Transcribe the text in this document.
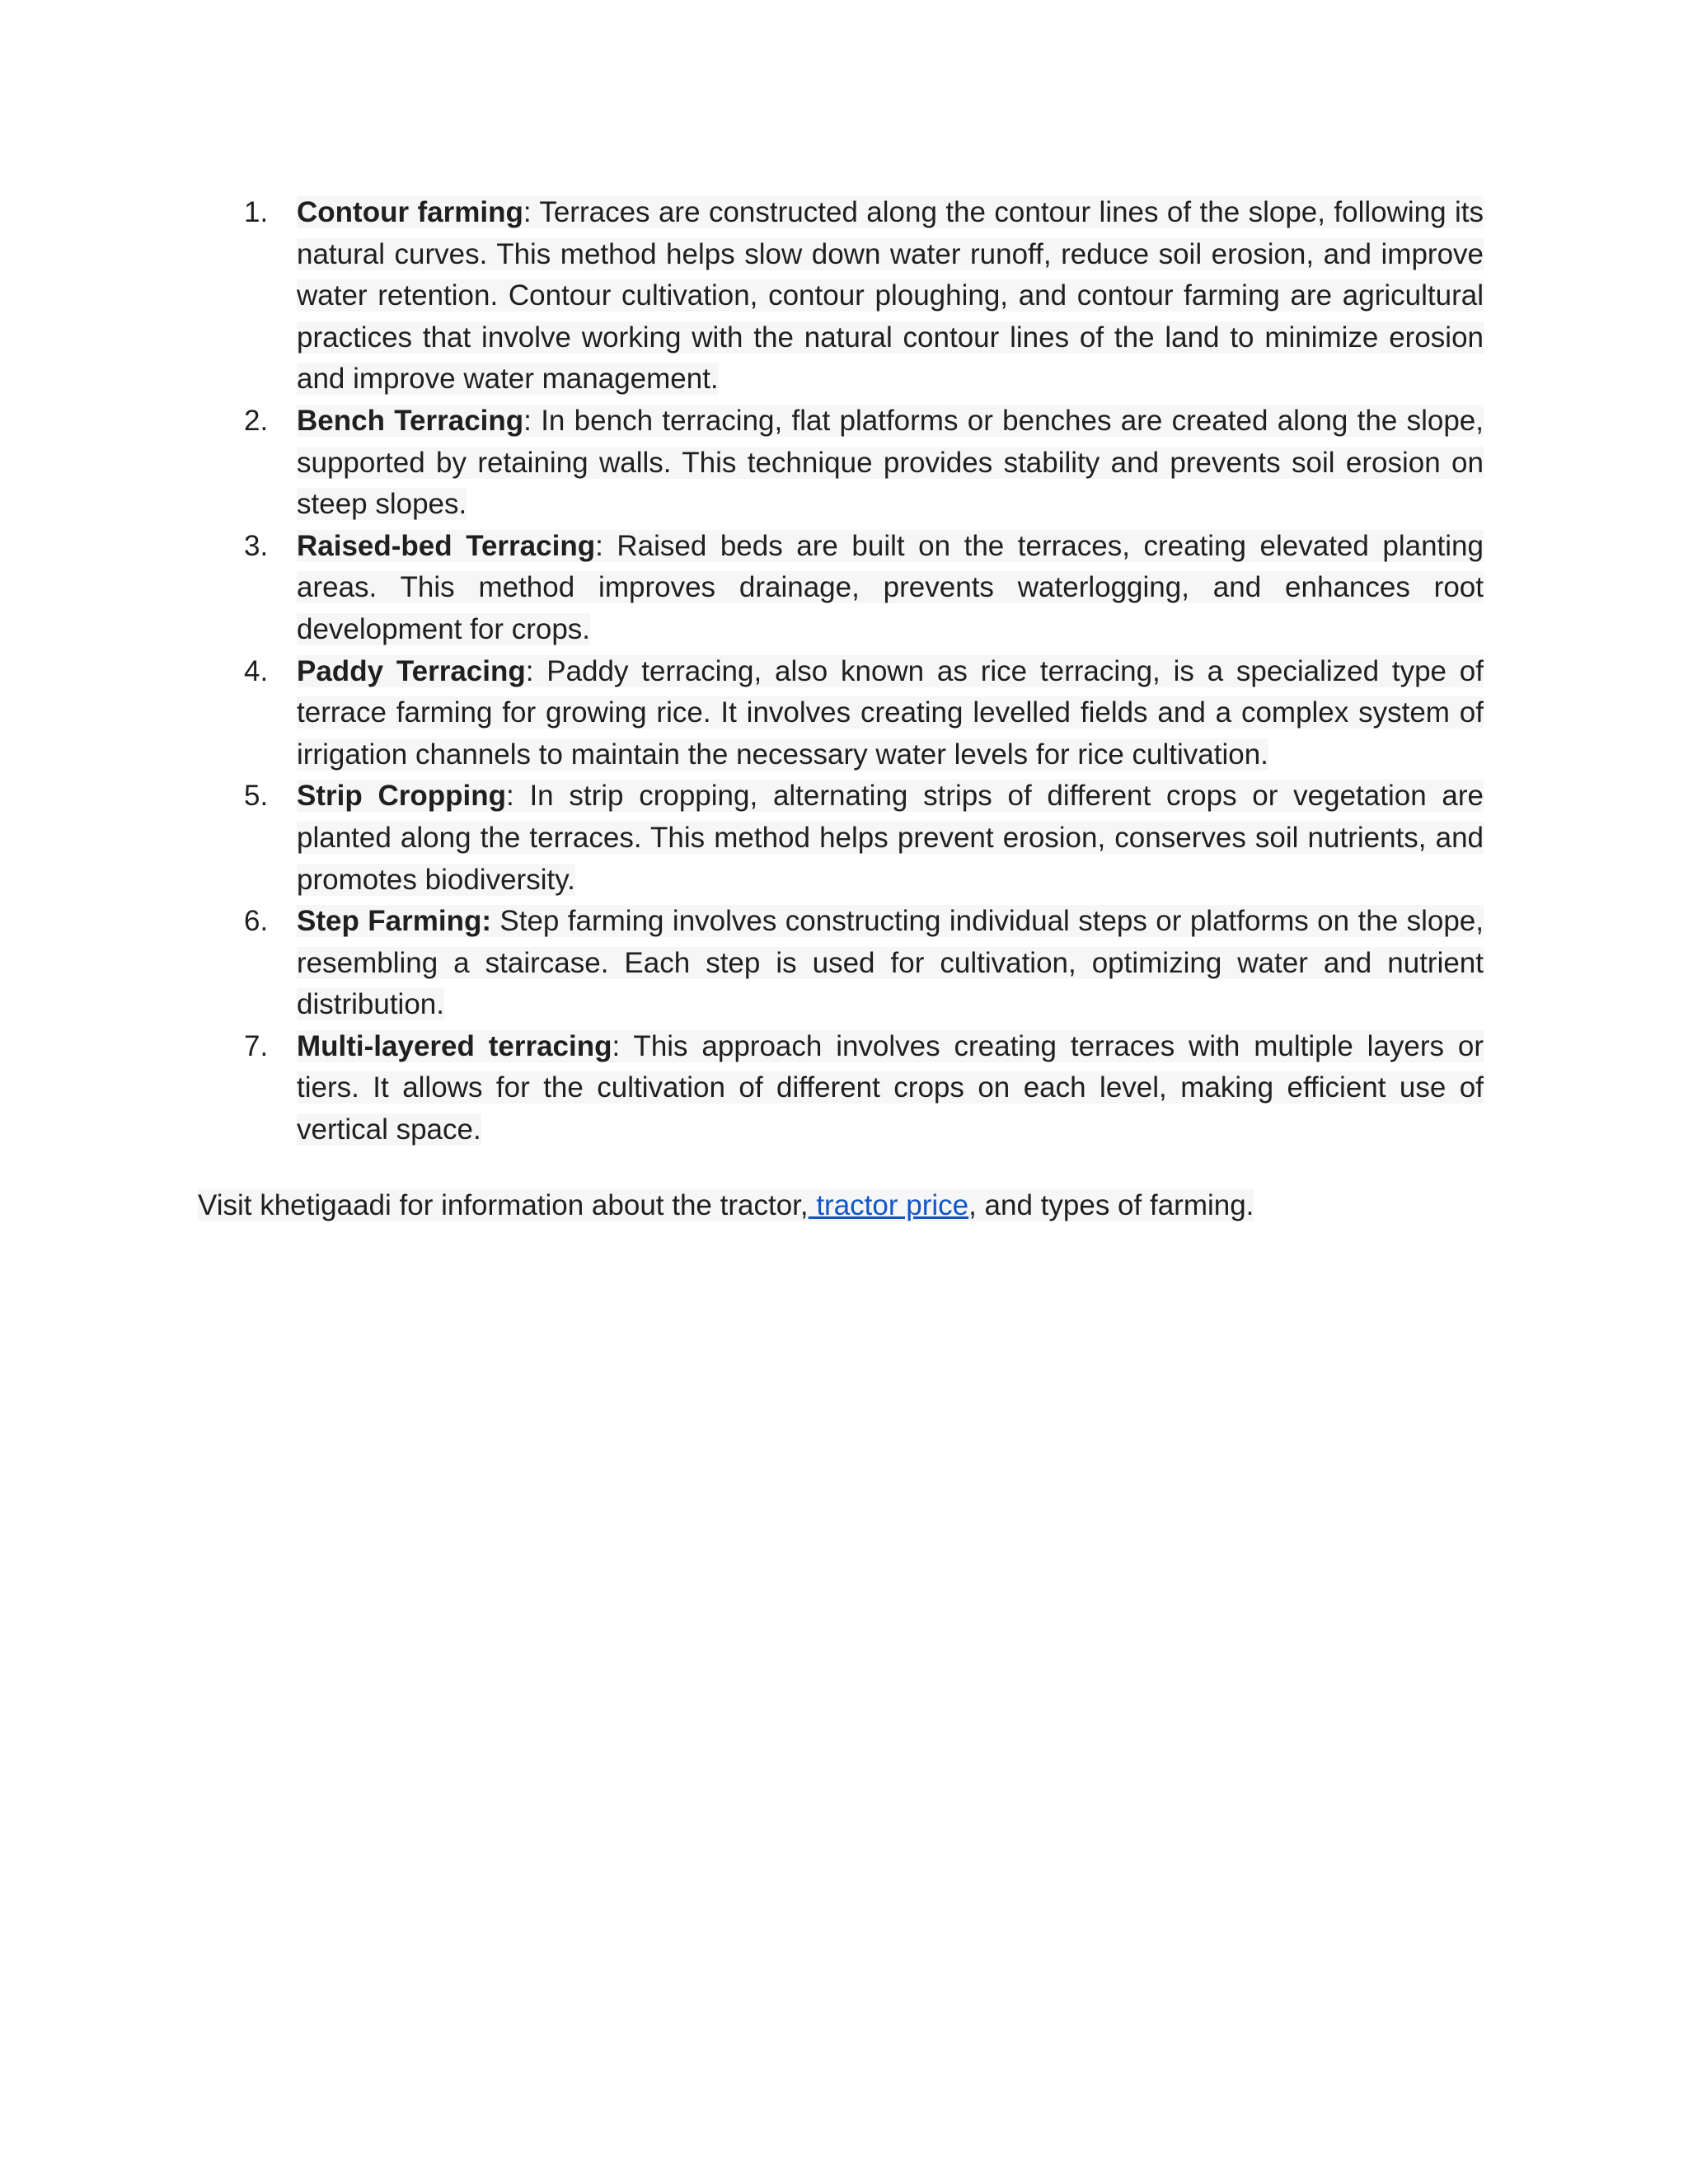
1. Contour farming: Terraces are constructed along the contour lines of the slope, following its natural curves. This method helps slow down water runoff, reduce soil erosion, and improve water retention. Contour cultivation, contour ploughing, and contour farming are agricultural practices that involve working with the natural contour lines of the land to minimize erosion and improve water management.
2. Bench Terracing: In bench terracing, flat platforms or benches are created along the slope, supported by retaining walls. This technique provides stability and prevents soil erosion on steep slopes.
3. Raised-bed Terracing: Raised beds are built on the terraces, creating elevated planting areas. This method improves drainage, prevents waterlogging, and enhances root development for crops.
4. Paddy Terracing: Paddy terracing, also known as rice terracing, is a specialized type of terrace farming for growing rice. It involves creating levelled fields and a complex system of irrigation channels to maintain the necessary water levels for rice cultivation.
5. Strip Cropping: In strip cropping, alternating strips of different crops or vegetation are planted along the terraces. This method helps prevent erosion, conserves soil nutrients, and promotes biodiversity.
6. Step Farming: Step farming involves constructing individual steps or platforms on the slope, resembling a staircase. Each step is used for cultivation, optimizing water and nutrient distribution.
7. Multi-layered terracing: This approach involves creating terraces with multiple layers or tiers. It allows for the cultivation of different crops on each level, making efficient use of vertical space.

Visit khetigaadi for information about the tractor, tractor price, and types of farming.
